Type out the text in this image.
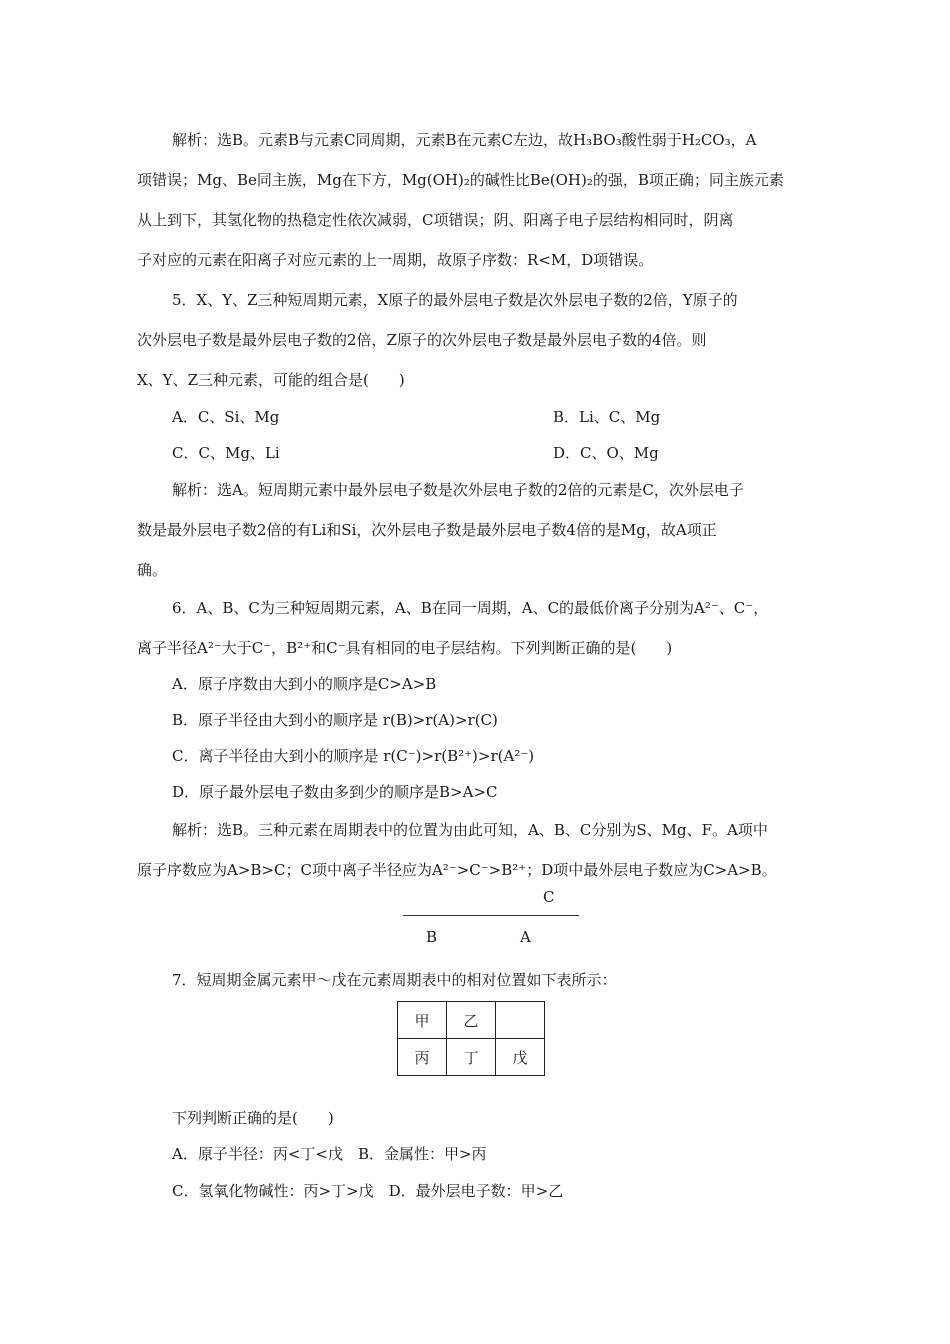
解析：选B。元素B与元素C同周期，元素B在元素C左边，故H₃BO₃酸性弱于H₂CO₃，A
项错误；Mg、Be同主族，Mg在下方，Mg(OH)₂的碱性比Be(OH)₂的强，B项正确；同主族元素
从上到下，其氢化物的热稳定性依次减弱，C项错误；阴、阳离子电子层结构相同时，阴离
子对应的元素在阳离子对应元素的上一周期，故原子序数：R<M，D项错误。
5．X、Y、Z三种短周期元素，X原子的最外层电子数是次外层电子数的2倍，Y原子的
次外层电子数是最外层电子数的2倍，Z原子的次外层电子数是最外层电子数的4倍。则
X、Y、Z三种元素，可能的组合是(　　)
A．C、Si、Mg	B．Li、C、Mg
C．C、Mg、Li	D．C、O、Mg
解析：选A。短周期元素中最外层电子数是次外层电子数的2倍的元素是C，次外层电子
数是最外层电子数2倍的有Li和Si，次外层电子数是最外层电子数4倍的是Mg，故A项正
确。
6．A、B、C为三种短周期元素，A、B在同一周期，A、C的最低价离子分别为A²⁻、C⁻，
离子半径A²⁻大于C⁻，B²⁺和C⁻具有相同的电子层结构。下列判断正确的是(　　)
A．原子序数由大到小的顺序是C>A>B
B．原子半径由大到小的顺序是 r(B)>r(A)>r(C)
C．离子半径由大到小的顺序是 r(C⁻)>r(B²⁺)>r(A²⁻)
D．原子最外层电子数由多到少的顺序是B>A>C
解析：选B。三种元素在周期表中的位置为由此可知，A、B、C分别为S、Mg、F。A项中
原子序数应为A>B>C；C项中离子半径应为A²⁻>C⁻>B²⁺；D项中最外层电子数应为C>A>B。
C
B	A
7．短周期金属元素甲～戊在元素周期表中的相对位置如下表所示：
甲	乙	
丙	丁	戊
下列判断正确的是(　　)
A．原子半径：丙<丁<戊　B．金属性：甲>丙
C．氢氧化物碱性：丙>丁>戊　D．最外层电子数：甲>乙
